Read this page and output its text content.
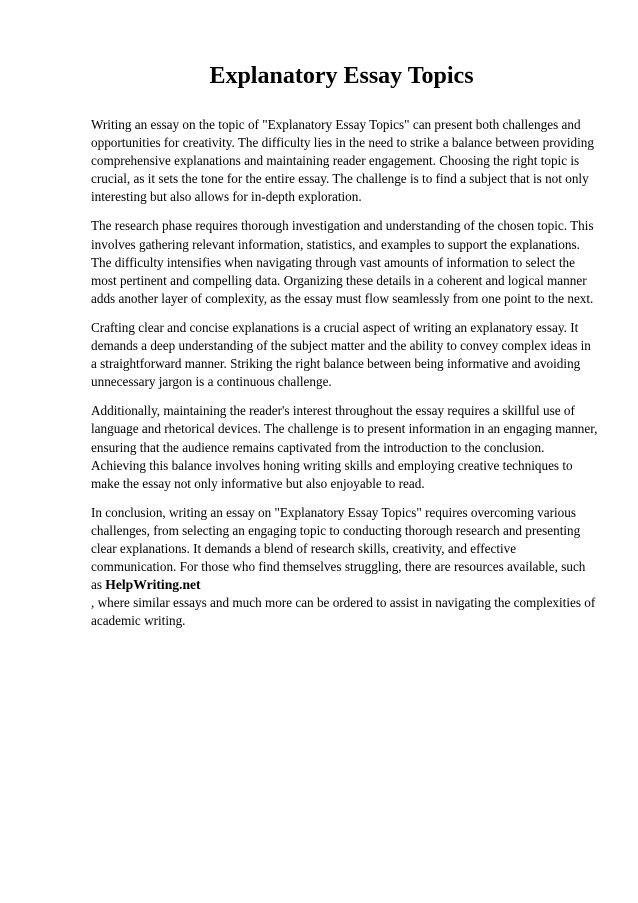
Explanatory Essay Topics

Writing an essay on the topic of "Explanatory Essay Topics" can present both challenges and opportunities for creativity. The difficulty lies in the need to strike a balance between providing comprehensive explanations and maintaining reader engagement. Choosing the right topic is crucial, as it sets the tone for the entire essay. The challenge is to find a subject that is not only interesting but also allows for in-depth exploration.

The research phase requires thorough investigation and understanding of the chosen topic. This involves gathering relevant information, statistics, and examples to support the explanations. The difficulty intensifies when navigating through vast amounts of information to select the most pertinent and compelling data. Organizing these details in a coherent and logical manner adds another layer of complexity, as the essay must flow seamlessly from one point to the next.

Crafting clear and concise explanations is a crucial aspect of writing an explanatory essay. It demands a deep understanding of the subject matter and the ability to convey complex ideas in a straightforward manner. Striking the right balance between being informative and avoiding unnecessary jargon is a continuous challenge.

Additionally, maintaining the reader's interest throughout the essay requires a skillful use of language and rhetorical devices. The challenge is to present information in an engaging manner, ensuring that the audience remains captivated from the introduction to the conclusion. Achieving this balance involves honing writing skills and employing creative techniques to make the essay not only informative but also enjoyable to read.

In conclusion, writing an essay on "Explanatory Essay Topics" requires overcoming various challenges, from selecting an engaging topic to conducting thorough research and presenting clear explanations. It demands a blend of research skills, creativity, and effective communication. For those who find themselves struggling, there are resources available, such as HelpWriting.net
, where similar essays and much more can be ordered to assist in navigating the complexities of academic writing.
